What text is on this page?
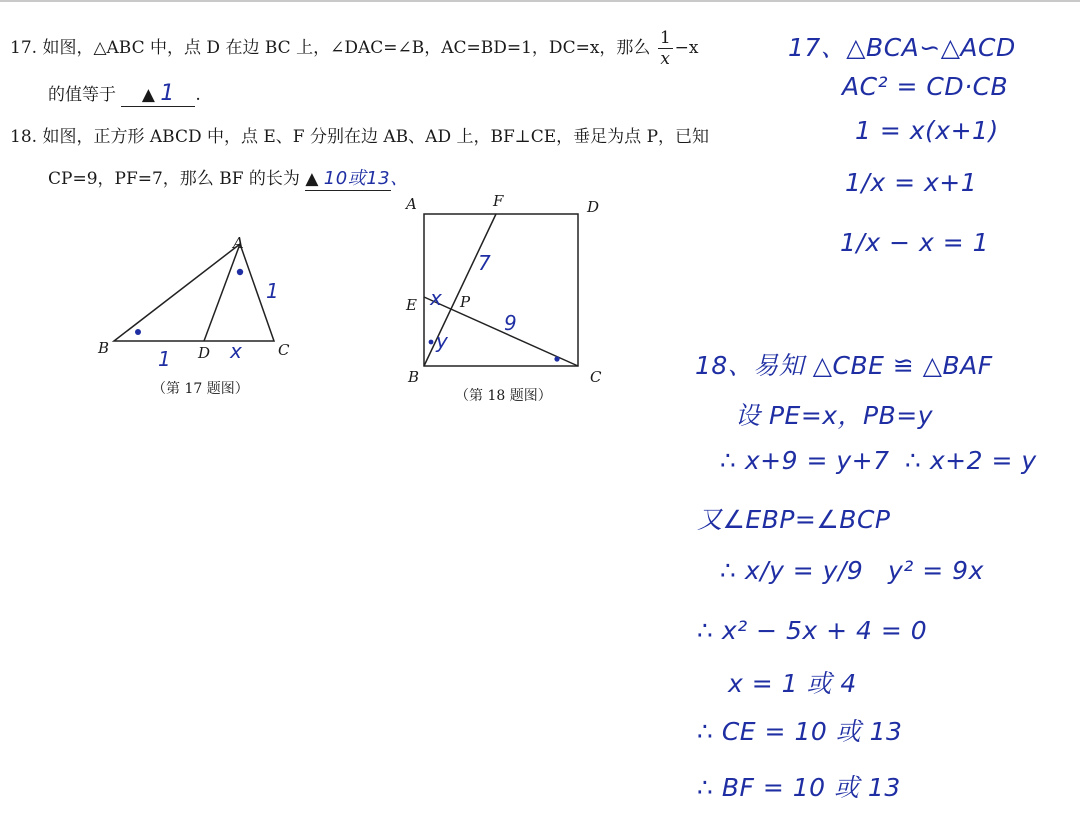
17. 如图，△ABC 中，点 D 在边 BC 上，∠DAC=∠B，AC=BD=1，DC=x，那么 $\frac{1}{x} -x$
的值等于 ▲ 1 .
18. 如图，正方形 ABCD 中，点 E、F 分别在边 AB、AD 上，BF⊥CE，垂足为点 P，已知
CP=9，PF=7，那么 BF 的长为 ▲ 10或13、
A
B	C
D
1	x
1
（第 17 题图）
A	F	D
E	P
B	C
7
9
x
y
（第 18 题图）
17、△BCA∽△ACD
AC² = CD·CB
1 = x(x+1)
1/x = x+1
1/x − x = 1
18、易知 △CBE ≌ △BAF
设 PE=x，PB=y
∴ x+9 = y+7 ∴ x+2 = y
又∠EBP=∠BCP
∴ x/y = y/9 y² = 9x
∴ x² − 5x + 4 = 0
x = 1 或 4
∴ CE = 10 或 13
∴ BF = 10 或 13
